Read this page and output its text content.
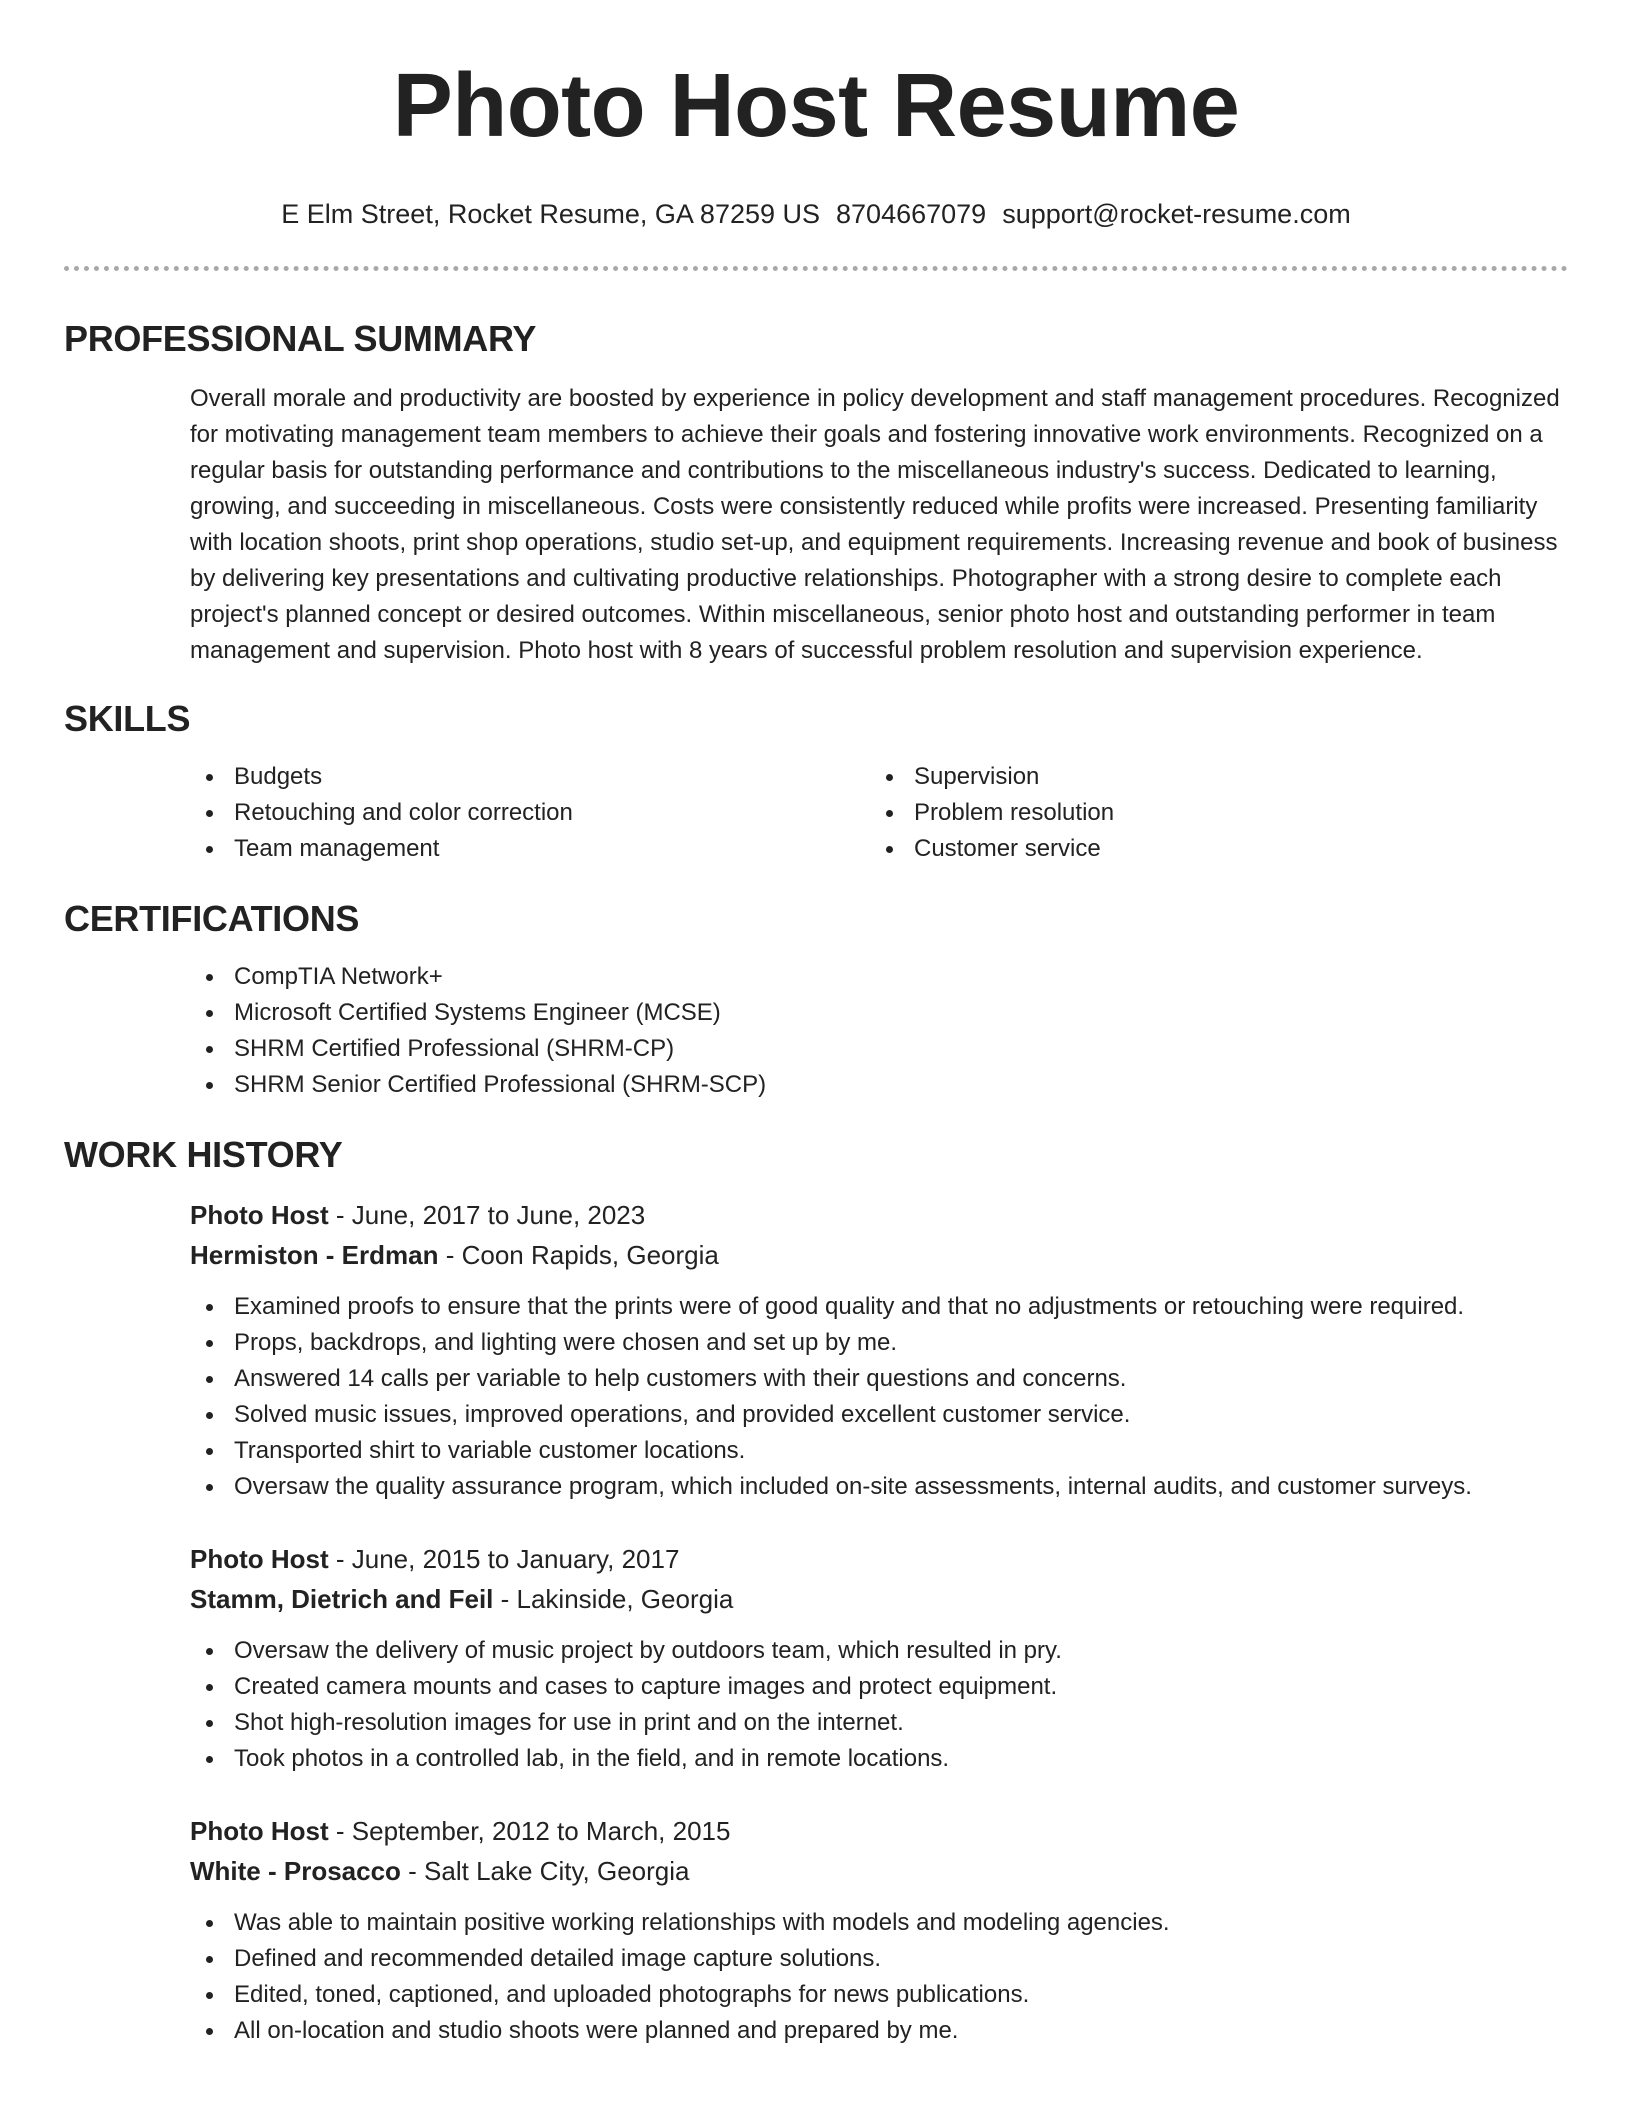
Photo Host Resume
E Elm Street, Rocket Resume, GA 87259 US 8704667079 support@rocket-resume.com
PROFESSIONAL SUMMARY

Overall morale and productivity are boosted by experience in policy development and staff management procedures. Recognized for motivating management team members to achieve their goals and fostering innovative work environments. Recognized on a regular basis for outstanding performance and contributions to the miscellaneous industry's success. Dedicated to learning, growing, and succeeding in miscellaneous. Costs were consistently reduced while profits were increased. Presenting familiarity with location shoots, print shop operations, studio set-up, and equipment requirements. Increasing revenue and book of business by delivering key presentations and cultivating productive relationships. Photographer with a strong desire to complete each project's planned concept or desired outcomes. Within miscellaneous, senior photo host and outstanding performer in team management and supervision. Photo host with 8 years of successful problem resolution and supervision experience.

SKILLS
Budgets
Retouching and color correction
Team management
Supervision
Problem resolution
Customer service
CERTIFICATIONS
CompTIA Network+
Microsoft Certified Systems Engineer (MCSE)
SHRM Certified Professional (SHRM-CP)
SHRM Senior Certified Professional (SHRM-SCP)
WORK HISTORY
Photo Host - June, 2017 to June, 2023
Hermiston - Erdman - Coon Rapids, Georgia
Examined proofs to ensure that the prints were of good quality and that no adjustments or retouching were required.
Props, backdrops, and lighting were chosen and set up by me.
Answered 14 calls per variable to help customers with their questions and concerns.
Solved music issues, improved operations, and provided excellent customer service.
Transported shirt to variable customer locations.
Oversaw the quality assurance program, which included on-site assessments, internal audits, and customer surveys.
Photo Host - June, 2015 to January, 2017
Stamm, Dietrich and Feil - Lakinside, Georgia
Oversaw the delivery of music project by outdoors team, which resulted in pry.
Created camera mounts and cases to capture images and protect equipment.
Shot high-resolution images for use in print and on the internet.
Took photos in a controlled lab, in the field, and in remote locations.
Photo Host - September, 2012 to March, 2015
White - Prosacco - Salt Lake City, Georgia
Was able to maintain positive working relationships with models and modeling agencies.
Defined and recommended detailed image capture solutions.
Edited, toned, captioned, and uploaded photographs for news publications.
All on-location and studio shoots were planned and prepared by me.
